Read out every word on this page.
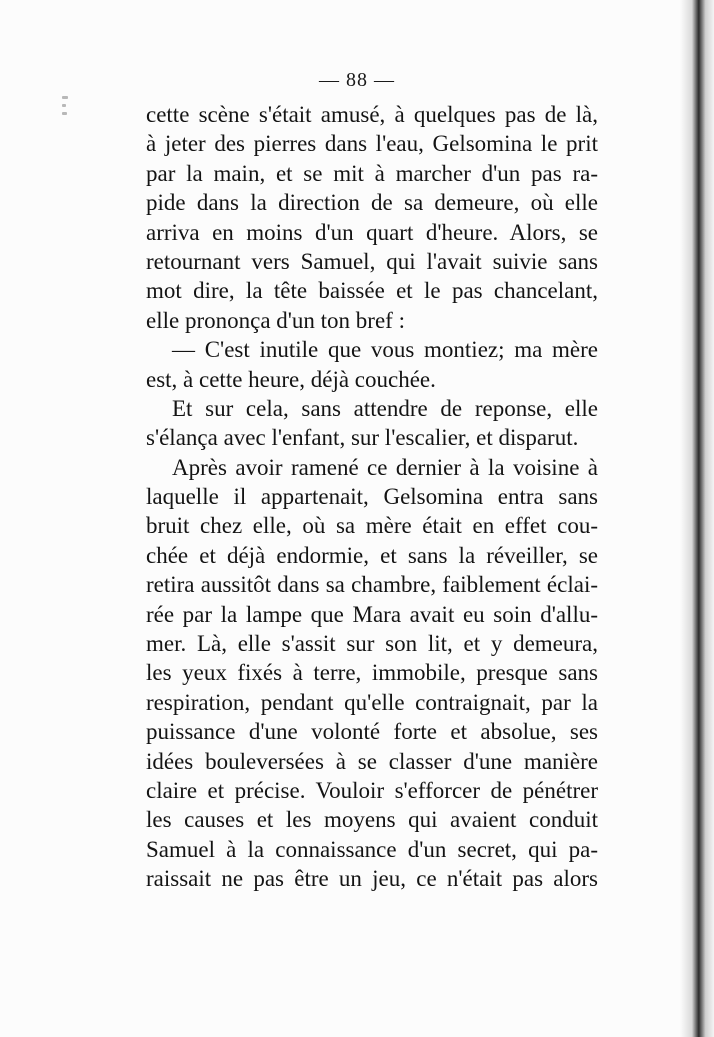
— 88 —
cette scène s'était amusé, à quelques pas de là,
à jeter des pierres dans l'eau, Gelsomina le prit
par la main, et se mit à marcher d'un pas ra-
pide dans la direction de sa demeure, où elle
arriva en moins d'un quart d'heure. Alors, se
retournant vers Samuel, qui l'avait suivie sans
mot dire, la tête baissée et le pas chancelant,
elle prononça d'un ton bref :
— C'est inutile que vous montiez; ma mère
est, à cette heure, déjà couchée.
Et sur cela, sans attendre de reponse, elle
s'élança avec l'enfant, sur l'escalier, et disparut.
Après avoir ramené ce dernier à la voisine à
laquelle il appartenait, Gelsomina entra sans
bruit chez elle, où sa mère était en effet cou-
chée et déjà endormie, et sans la réveiller, se
retira aussitôt dans sa chambre, faiblement éclai-
rée par la lampe que Mara avait eu soin d'allu-
mer. Là, elle s'assit sur son lit, et y demeura,
les yeux fixés à terre, immobile, presque sans
respiration, pendant qu'elle contraignait, par la
puissance d'une volonté forte et absolue, ses
idées bouleversées à se classer d'une manière
claire et précise. Vouloir s'efforcer de pénétrer
les causes et les moyens qui avaient conduit
Samuel à la connaissance d'un secret, qui pa-
raissait ne pas être un jeu, ce n'était pas alors
